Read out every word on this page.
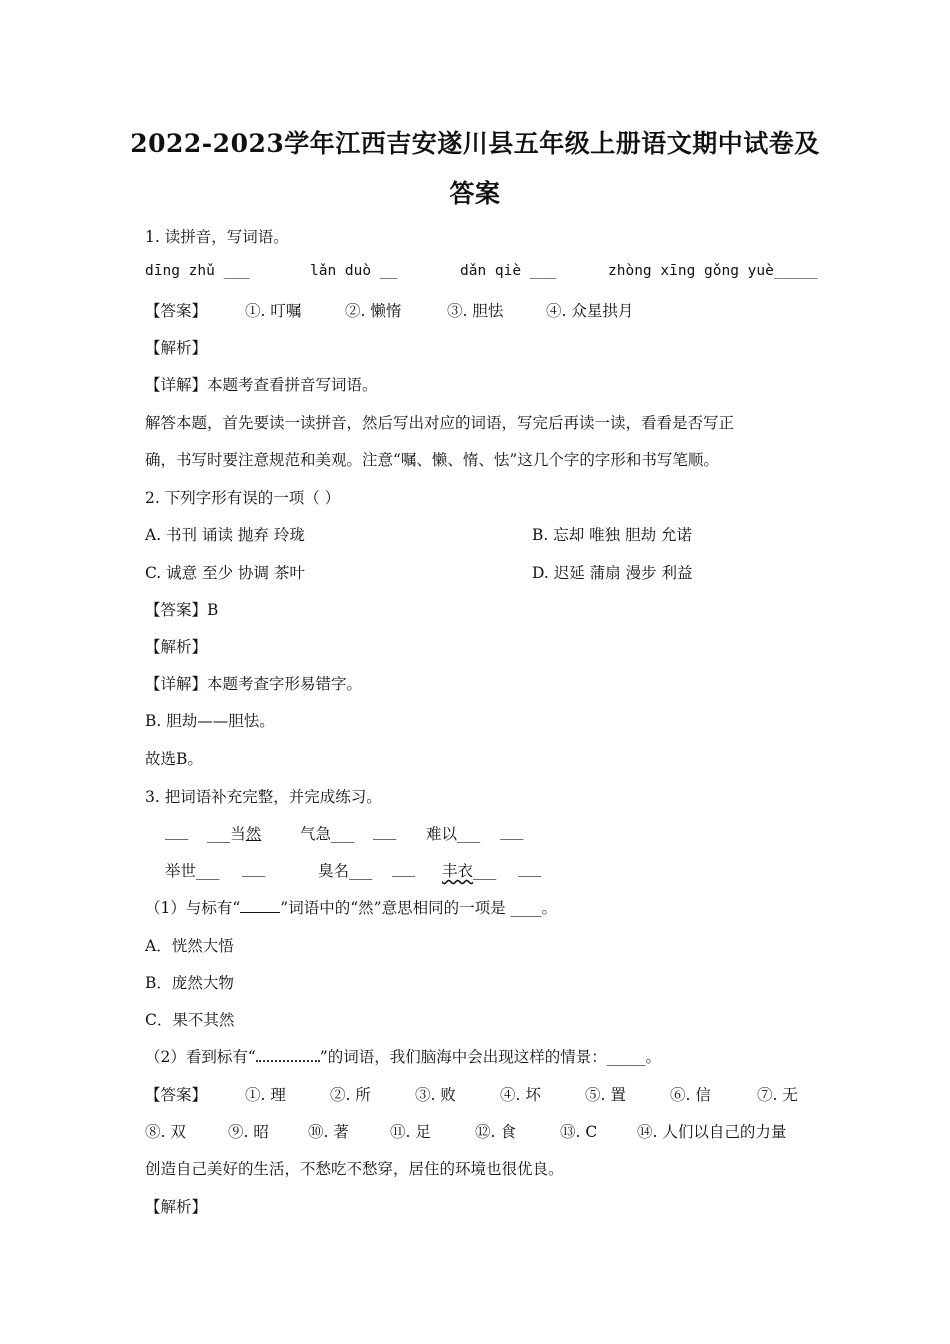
2022-2023学年江西吉安遂川县五年级上册语文期中试卷及
答案
1. 读拼音，写词语。
dīng zhǔ ___	lǎn duò __	dǎn qiè ___	zhòng xīng gǒng yuè_____
【答案】 ①. 叮嘱	②. 懒惰	③. 胆怯	④. 众星拱月
【解析】
【详解】本题考查看拼音写词语。
解答本题，首先要读一读拼音，然后写出对应的词语，写完后再读一读，看看是否写正
确，书写时要注意规范和美观。注意“嘱、懒、惰、怯”这几个字的字形和书写笔顺。
2. 下列字形有误的一项（ ）
A. 书刊 诵读 抛弃 玲珑	B. 忘却 唯独 胆劫 允诺
C. 诚意 至少 协调 茶叶	D. 迟延 蒲扇 漫步 利益
【答案】B
【解析】
【详解】本题考查字形易错字。
B. 胆劫——胆怯。
故选B。
3. 把词语补充完整，并完成练习。
___ ___当然 气急___ ___ 难以___ ___
举世___ ___	臭名___ ___ 丰衣___ ___
（1）与标有“	”词语中的“然”意思相同的一项是 ____。
A．恍然大悟
B．庞然大物
C．果不其然
（2）看到标有“	”的词语，我们脑海中会出现这样的情景：_____。
【答案】 ①. 理	②. 所	③. 败	④. 坏	⑤. 置	⑥. 信	⑦. 无
⑧. 双	⑨. 昭	⑩. 著	⑪. 足	⑫. 食	⑬. C	⑭. 人们以自己的力量
创造自己美好的生活，不愁吃不愁穿，居住的环境也很优良。
【解析】
